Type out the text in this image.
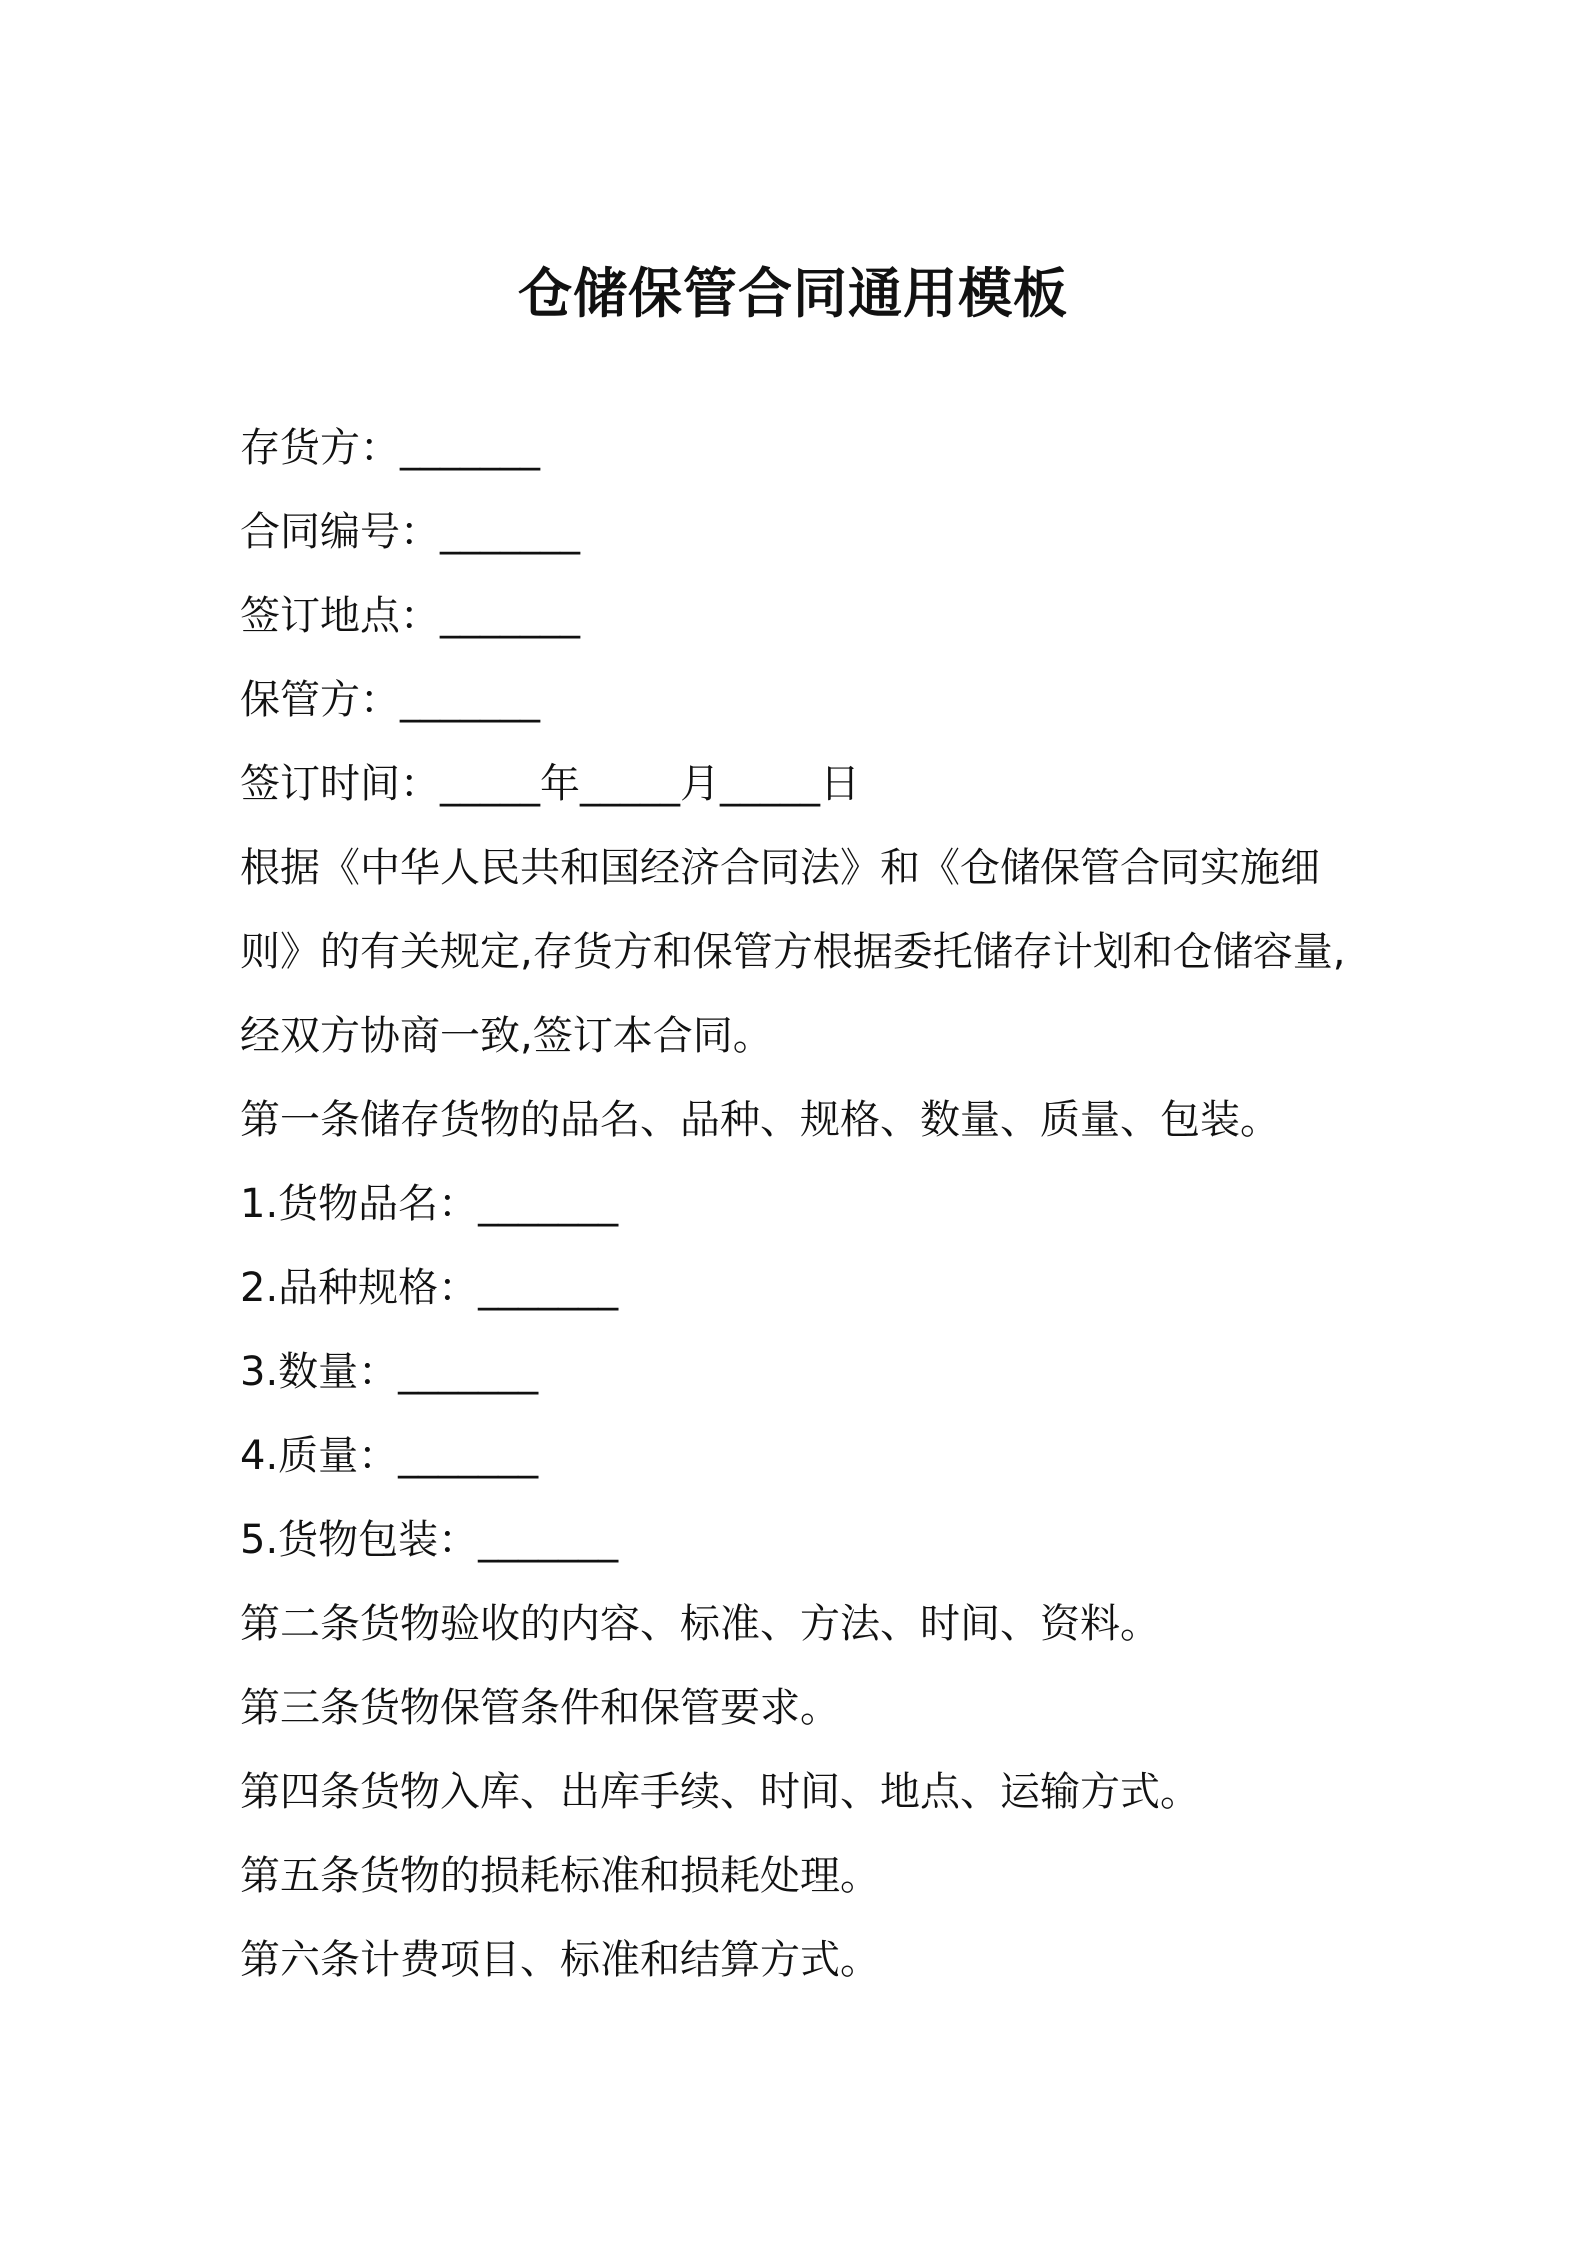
仓储保管合同通用模板

存货方：_______

合同编号：_______

签订地点：_______

保管方：_______

签订时间：_____年_____月_____日

根据《中华人民共和国经济合同法》和《仓储保管合同实施细则》的有关规定,存货方和保管方根据委托储存计划和仓储容量,经双方协商一致,签订本合同。

第一条储存货物的品名、品种、规格、数量、质量、包装。

1.货物品名：_______

2.品种规格：_______

3.数量：_______

4.质量：_______

5.货物包装：_______

第二条货物验收的内容、标准、方法、时间、资料。

第三条货物保管条件和保管要求。

第四条货物入库、出库手续、时间、地点、运输方式。

第五条货物的损耗标准和损耗处理。

第六条计费项目、标准和结算方式。
